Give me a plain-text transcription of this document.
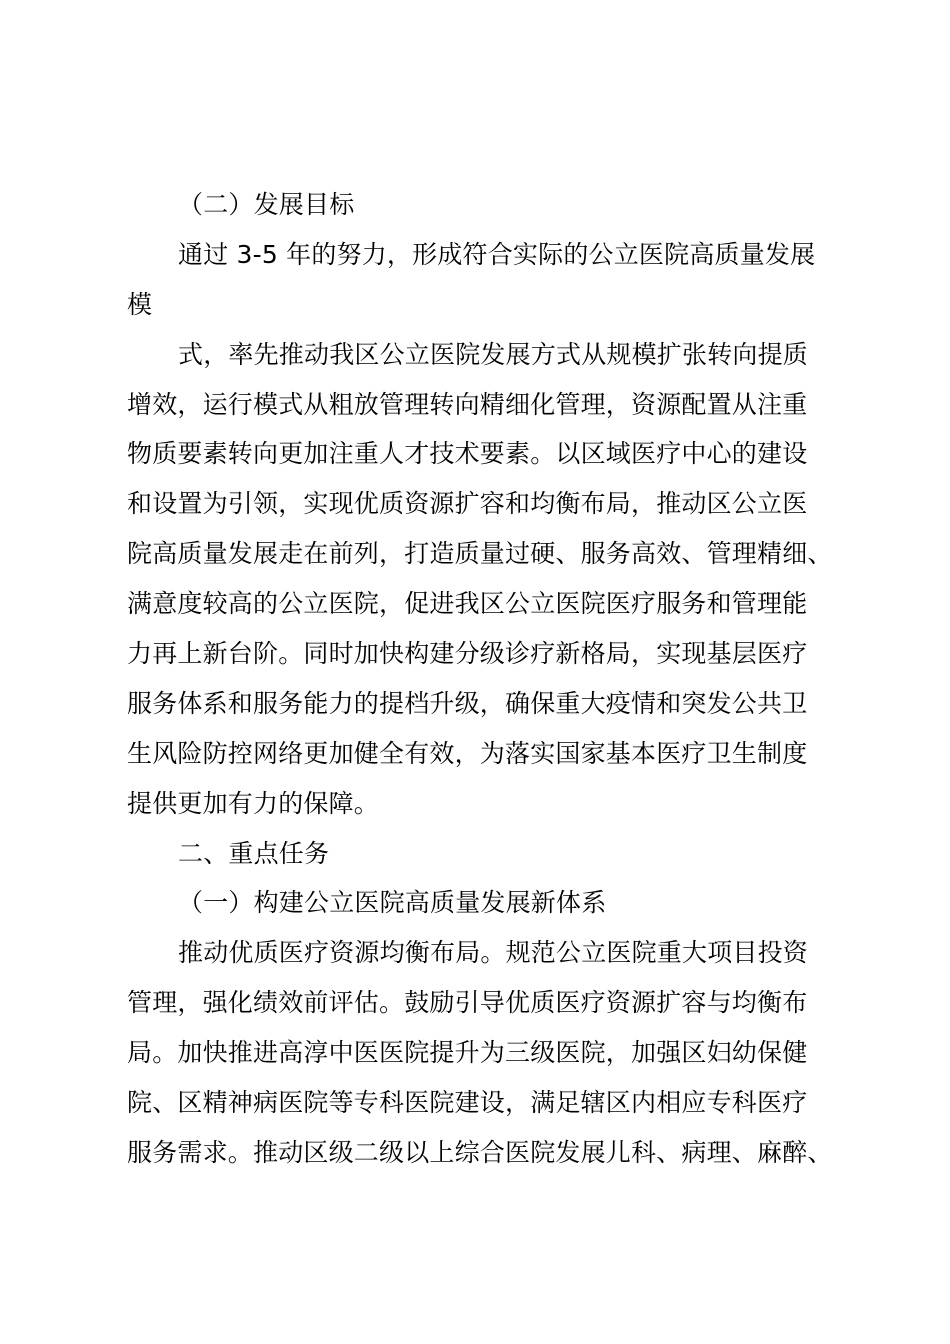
（二）发展目标
通过 3-5 年的努力，形成符合实际的公立医院高质量发展
模
式，率先推动我区公立医院发展方式从规模扩张转向提质
增效，运行模式从粗放管理转向精细化管理，资源配置从注重
物质要素转向更加注重人才技术要素。以区域医疗中心的建设
和设置为引领，实现优质资源扩容和均衡布局，推动区公立医
院高质量发展走在前列，打造质量过硬、服务高效、管理精细、
满意度较高的公立医院，促进我区公立医院医疗服务和管理能
力再上新台阶。同时加快构建分级诊疗新格局，实现基层医疗
服务体系和服务能力的提档升级，确保重大疫情和突发公共卫
生风险防控网络更加健全有效，为落实国家基本医疗卫生制度
提供更加有力的保障。
二、重点任务
（一）构建公立医院高质量发展新体系
推动优质医疗资源均衡布局。规范公立医院重大项目投资
管理，强化绩效前评估。鼓励引导优质医疗资源扩容与均衡布
局。加快推进高淳中医医院提升为三级医院，加强区妇幼保健
院、区精神病医院等专科医院建设，满足辖区内相应专科医疗
服务需求。推动区级二级以上综合医院发展儿科、病理、麻醉、
